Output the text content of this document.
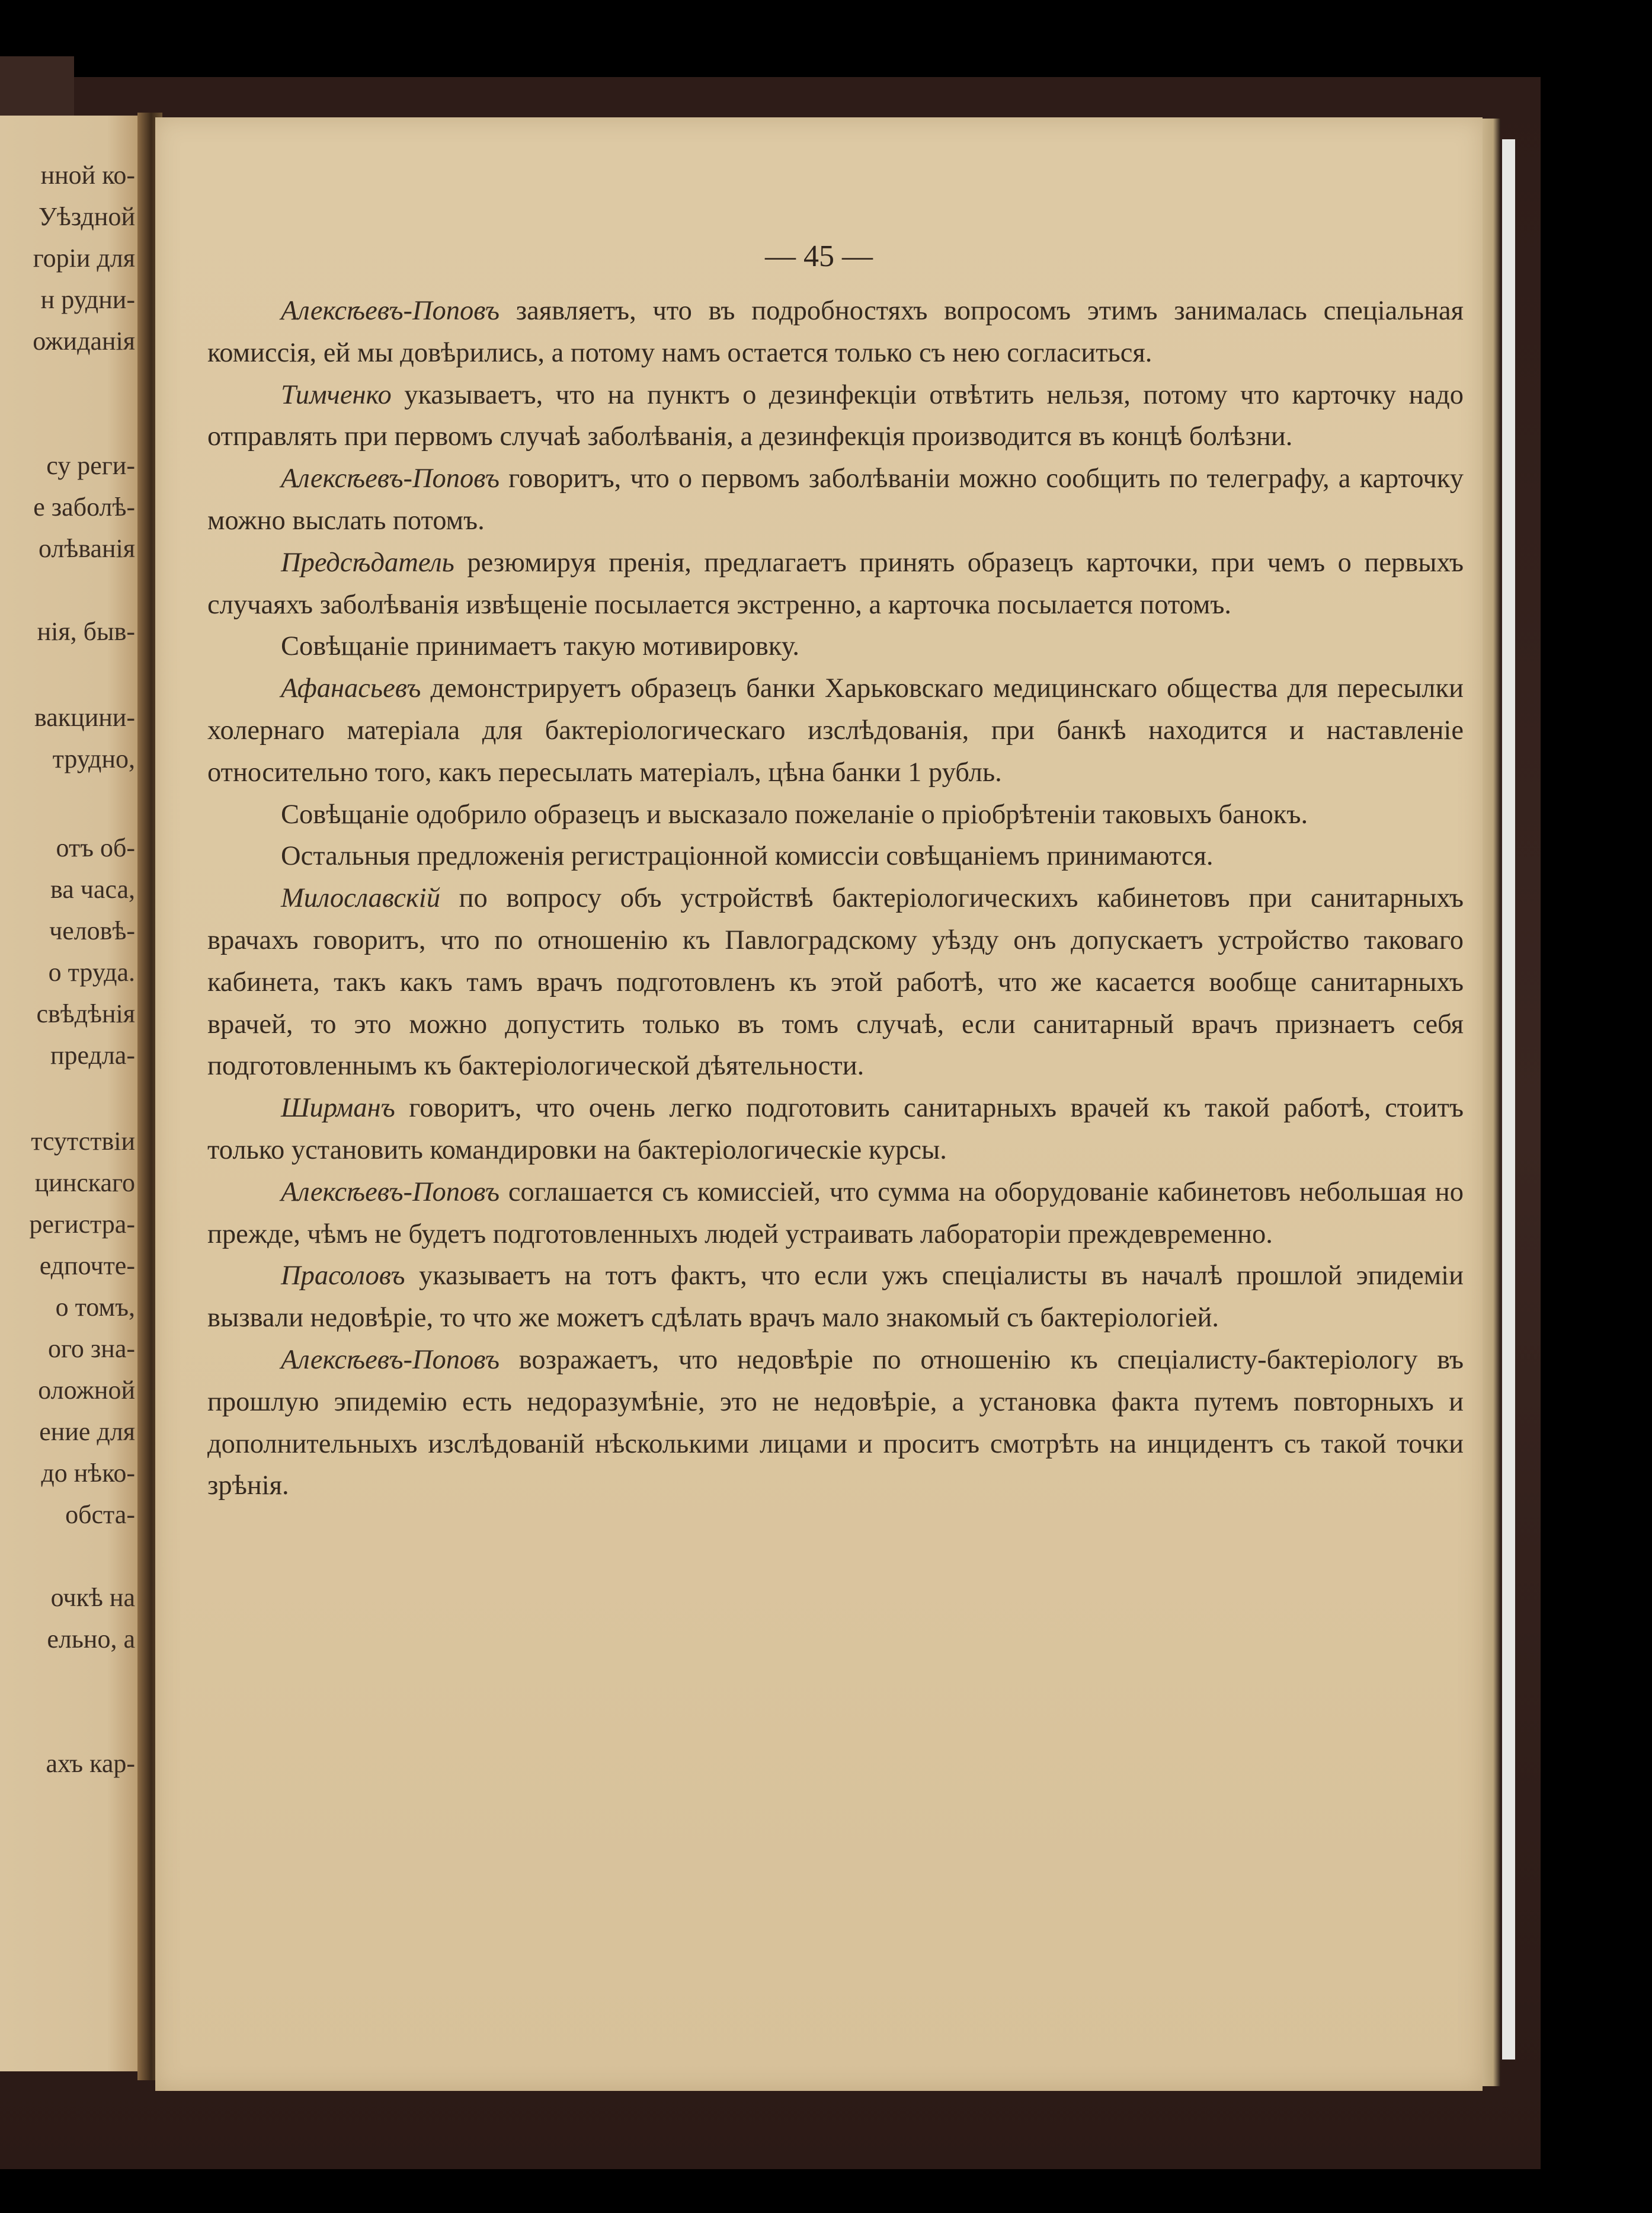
нной ко-
Уѣздной
гоpiи для
н рудни-
ожиданія
су реги-
е заболѣ-
олѣванія
нія, быв-
вакцини-
трудно,
отъ об-
ва часа,
человѣ-
о труда.
свѣдѣнія
предла-
тсутствіи
цинскаго
регистра-
едпочте-
о томъ,
ого зна-
оложной
ение для
до нѣко-
обста-
очкѣ на
ельно, а
ахъ кар-
— 45 —

Алексѣевъ-Поповъ заявляетъ, что въ подробностяхъ вопросомъ этимъ занималась спеціальная комиссія, ей мы довѣрились, а потому намъ остается только съ нею согласиться.

Тимченко указываетъ, что на пунктъ о дезинфекціи отвѣтить нельзя, потому что карточку надо отправлять при первомъ случаѣ заболѣванія, а дезинфекція производится въ концѣ болѣзни.

Алексѣевъ-Поповъ говоритъ, что о первомъ заболѣваніи можно сообщить по телеграфу, а карточку можно выслать потомъ.

Предсѣдатель резюмируя пренія, предлагаетъ принять образецъ карточки, при чемъ о первыхъ случаяхъ заболѣванія извѣщеніе посылается экстренно, а карточка посылается потомъ.

Совѣщаніе принимаетъ такую мотивировку.

Афанасьевъ демонстрируетъ образецъ банки Харьковскаго медицинскаго общества для пересылки холернаго матеріала для бактеріологическаго изслѣдованія, при банкѣ находится и наставленіе относительно того, какъ пересылать матеріалъ, цѣна банки 1 рубль.

Совѣщаніе одобрило образецъ и высказало пожеланіе о пріобрѣтеніи таковыхъ банокъ.

Остальныя предложенія регистраціонной комиссіи совѣщаніемъ принимаются.

Милославскій по вопросу объ устройствѣ бактеріологическихъ кабинетовъ при санитарныхъ врачахъ говоритъ, что по отношенію къ Павлоградскому уѣзду онъ допускаетъ устройство таковаго кабинета, такъ какъ тамъ врачъ подготовленъ къ этой работѣ, что же касается вообще санитарныхъ врачей, то это можно допустить только въ томъ случаѣ, если санитарный врачъ признаетъ себя подготовленнымъ къ бактеріологической дѣятельности.

Ширманъ говоритъ, что очень легко подготовить санитарныхъ врачей къ такой работѣ, стоитъ только установить командировки на бактеріологическіе курсы.

Алексѣевъ-Поповъ соглашается съ комиссіей, что сумма на оборудованіе кабинетовъ небольшая но прежде, чѣмъ не будетъ подготовленныхъ людей устраивать лабораторіи преждевременно.

Прасоловъ указываетъ на тотъ фактъ, что если ужъ спеціалисты въ началѣ прошлой эпидеміи вызвали недовѣріе, то что же можетъ сдѣлать врачъ мало знакомый съ бактеріологіей.

Алексѣевъ-Поповъ возражаетъ, что недовѣріе по отношенію къ спеціалисту-бактеріологу въ прошлую эпидемію есть недоразумѣніе, это не недовѣріе, а установка факта путемъ повторныхъ и дополнительныхъ изслѣдованій нѣсколькими лицами и проситъ смотрѣть на инцидентъ съ такой точки зрѣнія.
